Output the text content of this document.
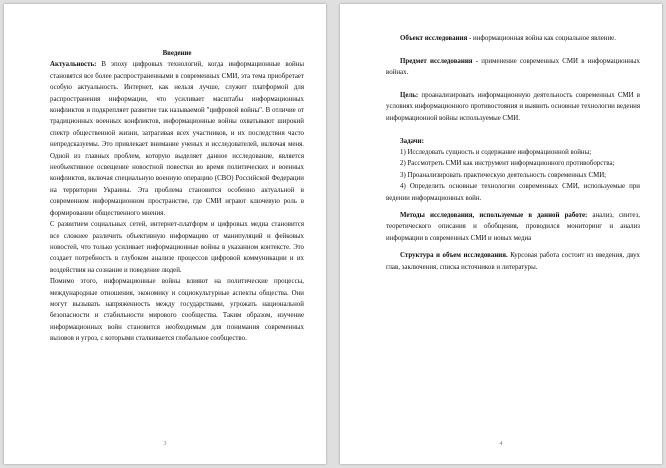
Введение

Актуальность: В эпоху цифровых технологий, когда информационные войны становятся все более распространенными в современных СМИ, эта тема приобретает особую актуальность. Интернет, как нельзя лучше, служит платформой для распространения информации, что усиливает масштабы информационных конфликтов и подкрепляет развитие так называемой "цифровой войны". В отличие от традиционных военных конфликтов, информационные войны охватывают широкий спектр общественной жизни, затрагивая всех участников, и их последствия часто непредсказуемы. Это привлекает внимание ученых и исследователей, включая меня. Одной из главных проблем, которую выделяет данное исследование, является необъективное освещение новостной повестки во время политических и военных конфликтов, включая специальную военную операцию (СВО) Российской Федерации на территории Украины. Эта проблема становится особенно актуальной в современном информационном пространстве, где СМИ играют ключевую роль в формировании общественного мнения.

С развитием социальных сетей, интернет-платформ и цифровых медиа становится все сложнее различить объективную информацию от манипуляций и фейковых новостей, что только усиливает информационные войны в указанном контексте. Это создает потребность в глубоком анализе процессов цифровой коммуникации и их воздействия на сознание и поведение людей.

Помимо этого, информационные войны влияют на политические процессы, международные отношения, экономику и социокультурные аспекты общества. Они могут вызывать напряженность между государствами, угрожать национальной безопасности и стабильности мирового сообщества. Таким образом, изучение информационных войн становится необходимым для понимания современных вызовов и угроз, с которыми сталкивается глобальное сообщество.

3

Объект исследования - информационная война как социальное явление.

Предмет исследования - применение современных СМИ в информационных войнах.

Цель: проанализировать информационную деятельность современных СМИ в условиях информационного противостояния и выявить основные технологии ведения информационной войны используемые СМИ.

Задачи:

1) Исследовать сущность и содержание информационной войны;

2) Рассмотреть СМИ как инструмент информационного противоборства;

3) Проанализировать практическую деятельность современных СМИ;

4) Определить основные технологии современных СМИ, используемые при ведении информационных войн.

Методы исследования, используемые в данной работе: анализ, синтез, теоретического описания и обобщения, проводился мониторинг и анализ информации в современных СМИ и новых медиа

Структура и объем исследования. Курсовая работа состоит из введения, двух глав, заключения, списка источников и литературы.

4
